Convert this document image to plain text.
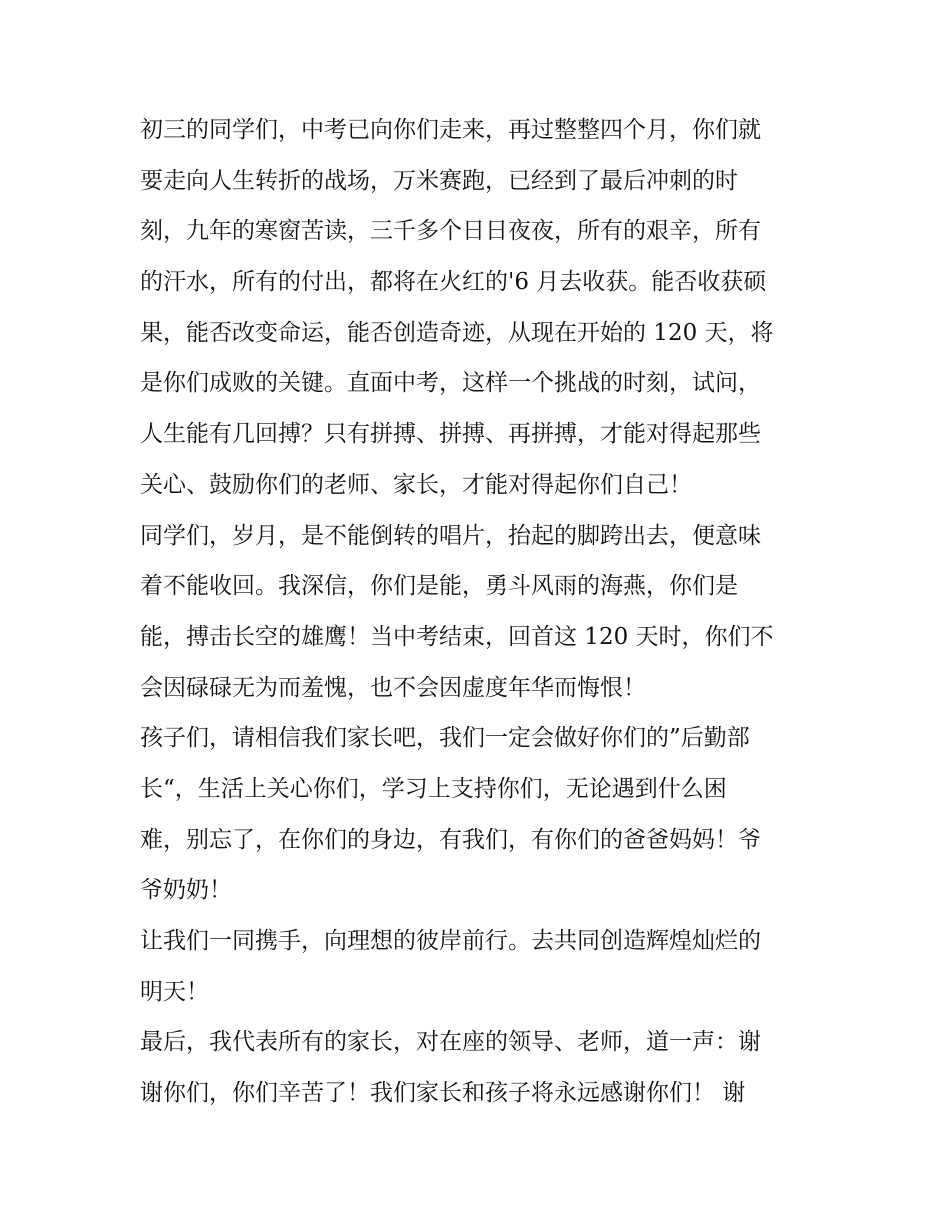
初三的同学们，中考已向你们走来，再过整整四个月，你们就
要走向人生转折的战场，万米赛跑，已经到了最后冲刺的时
刻，九年的寒窗苦读，三千多个日日夜夜，所有的艰辛，所有
的汗水，所有的付出，都将在火红的'6 月去收获。能否收获硕
果，能否改变命运，能否创造奇迹，从现在开始的 120 天，将
是你们成败的关键。直面中考，这样一个挑战的时刻，试问，
人生能有几回搏？只有拼搏、拼搏、再拼搏，才能对得起那些
关心、鼓励你们的老师、家长，才能对得起你们自己！
同学们，岁月，是不能倒转的唱片，抬起的脚跨出去，便意味
着不能收回。我深信，你们是能，勇斗风雨的海燕，你们是
能，搏击长空的雄鹰！当中考结束，回首这 120 天时，你们不
会因碌碌无为而羞愧，也不会因虚度年华而悔恨！
孩子们，请相信我们家长吧，我们一定会做好你们的”后勤部
长“，生活上关心你们，学习上支持你们，无论遇到什么困
难，别忘了，在你们的身边，有我们，有你们的爸爸妈妈！爷
爷奶奶！
让我们一同携手，向理想的彼岸前行。去共同创造辉煌灿烂的
明天！
最后，我代表所有的家长，对在座的领导、老师，道一声：谢
谢你们，你们辛苦了！我们家长和孩子将永远感谢你们！ 谢
